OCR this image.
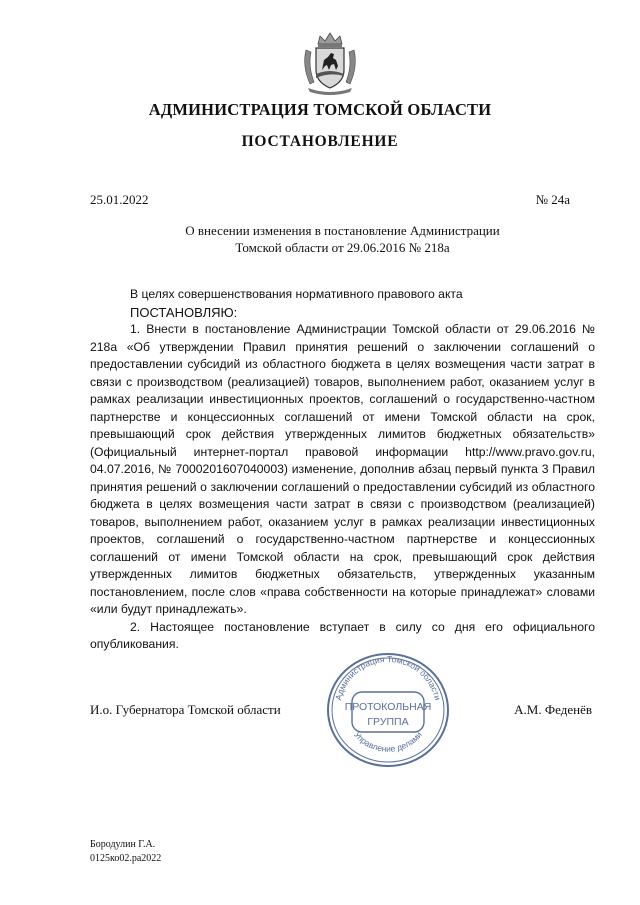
АДМИНИСТРАЦИЯ ТОМСКОЙ ОБЛАСТИ
ПОСТАНОВЛЕНИЕ
25.01.2022	№ 24а
О внесении изменения в постановление Администрации
Томской области от 29.06.2016 № 218а

В целях совершенствования нормативного правового акта

ПОСТАНОВЛЯЮ:

1. Внести в постановление Администрации Томской области от 29.06.2016 № 218а «Об утверждении Правил принятия решений о заключении соглашений о предоставлении субсидий из областного бюджета в целях возмещения части затрат в связи с производством (реализацией) товаров, выполнением работ, оказанием услуг в рамках реализации инвестиционных проектов, соглашений о государственно-частном партнерстве и концессионных соглашений от имени Томской области на срок, превышающий срок действия утвержденных лимитов бюджетных обязательств» (Официальный интернет-портал правовой информации http://www.pravo.gov.ru, 04.07.2016, № 7000201607040003) изменение, дополнив абзац первый пункта 3 Правил принятия решений о заключении соглашений о предоставлении субсидий из областного бюджета в целях возмещения части затрат в связи с производством (реализацией) товаров, выполнением работ, оказанием услуг в рамках реализации инвестиционных проектов, соглашений о государственно-частном партнерстве и концессионных соглашений от имени Томской области на срок, превышающий срок действия утвержденных лимитов бюджетных обязательств, утвержденных указанным постановлением, после слов «права собственности на которые принадлежат» словами «или будут принадлежать».

2. Настоящее постановление вступает в силу со дня его официального опубликования.

И.о. Губернатора Томской области	А.М. Феденёв
Администрация Томской области
Управление делами
ПРОТОКОЛЬНАЯ
ГРУППА
Бородулин Г.А.
0125ко02.ра2022
